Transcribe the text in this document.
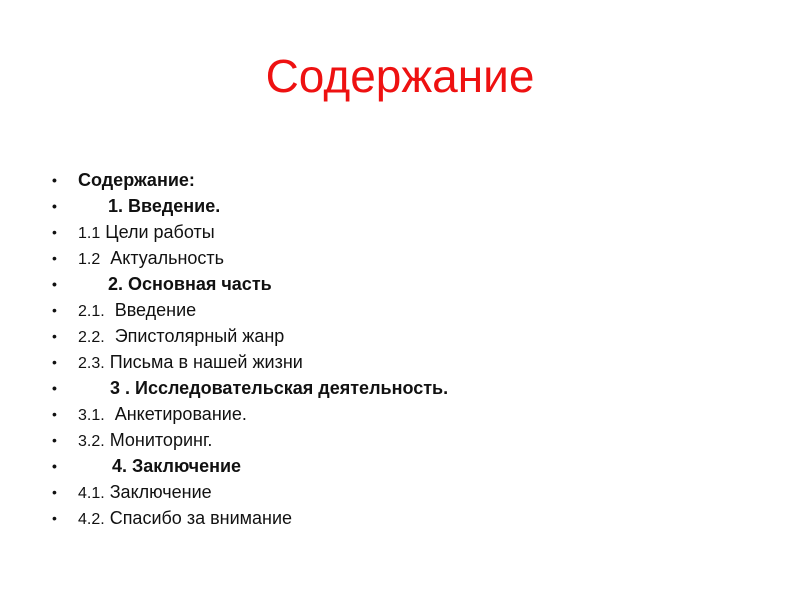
Содержание
• Содержание:
•	1. Введение.
• 1.1 Цели работы
• 1.2  Актуальность
•	2. Основная часть
• 2.1.  Введение
• 2.2.  Эпистолярный жанр
• 2.3. Письма в нашей жизни
•	3 . Исследовательская деятельность.
• 3.1.  Анкетирование.
• 3.2. Мониторинг.
•	4. Заключение
• 4.1. Заключение
• 4.2. Спасибо за внимание
